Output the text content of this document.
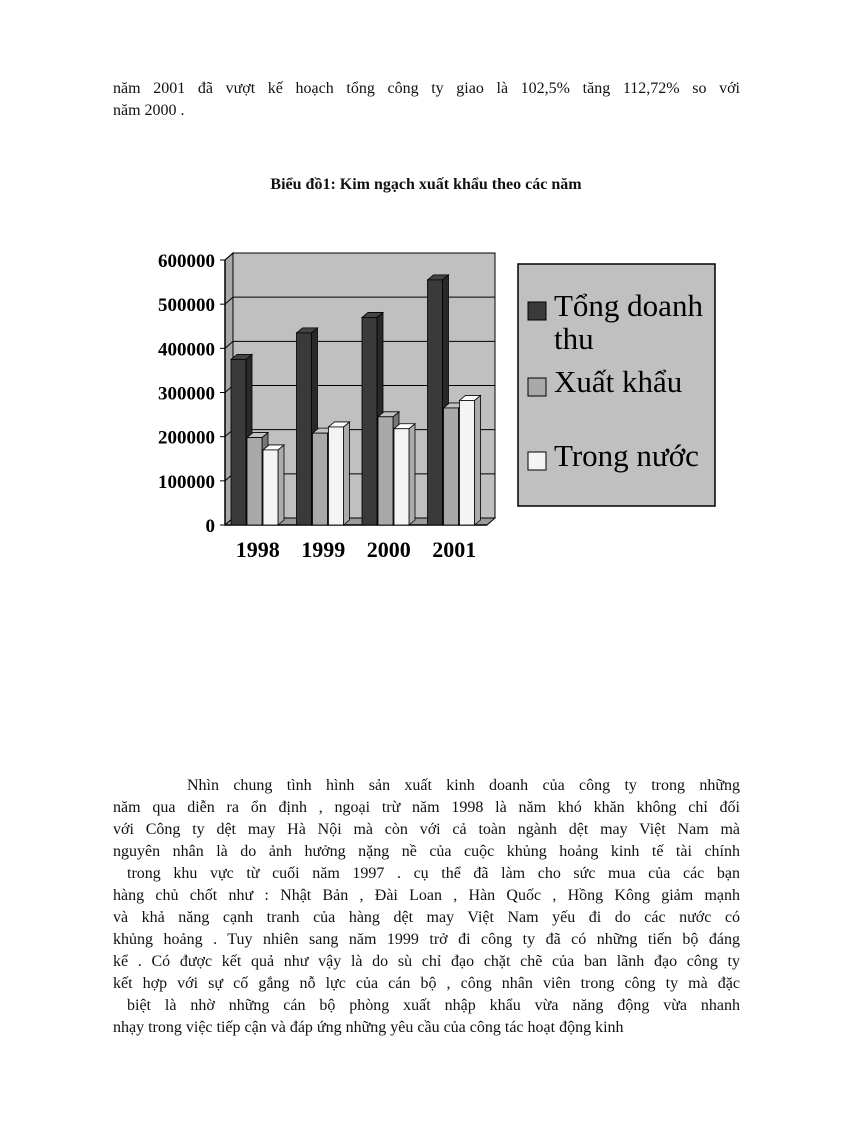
năm 2001 đã vượt kế hoạch tổng công ty giao là 102,5% tăng 112,72% so với
năm 2000 .
Biểu đồ1: Kim ngạch xuất khẩu theo các năm
0
100000
200000
300000
400000
500000
600000
1998 1999 2000 2001
Tổng doanh
thu
Xuất khẩu
Trong nước
Nhìn chung tình hình sản xuất kinh doanh của công ty trong những
năm qua diễn ra ổn định , ngoại trừ năm 1998 là năm khó khăn không chỉ đối
với Công ty dệt may Hà Nội mà còn với cả toàn ngành dệt may Việt Nam mà
nguyên nhân là do ảnh hưởng nặng nề của cuộc khủng hoảng kinh tế tài chính
trong khu vực từ cuối năm 1997 . cụ thể đã làm cho sức mua của các bạn
hàng chủ chốt như : Nhật Bản , Đài Loan , Hàn Quốc , Hồng Kông giảm mạnh
và khả năng cạnh tranh của hàng dệt may Việt Nam yếu đi do các nước có
khủng hoảng . Tuy nhiên sang năm 1999 trở đi công ty đã có những tiến bộ đáng
kể . Có được kết quả như vậy là do sù chỉ đạo chặt chẽ của ban lãnh đạo công ty
kết hợp với sự cố gắng nỗ lực của cán bộ , công nhân viên trong công ty mà đặc
biệt là nhờ những cán bộ phòng xuất nhập khẩu vừa năng động vừa nhanh
nhạy trong việc tiếp cận và đáp ứng những yêu cầu của công tác hoạt động kinh
